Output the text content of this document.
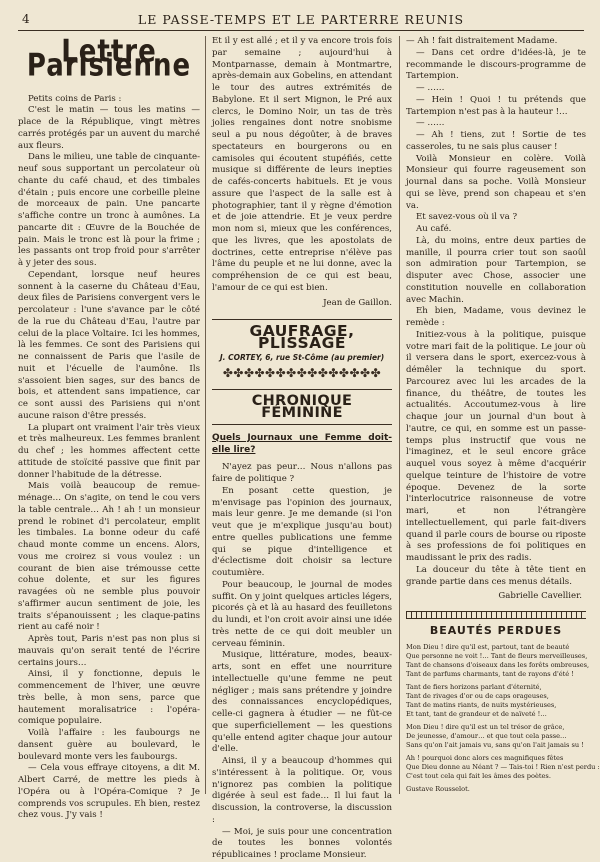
4	LE PASSE-TEMPS ET LE PARTERRE REUNIS
Lettre Parisienne

Petits coins de Paris :

C'est le matin — tous les matins — place de la République, vingt mètres carrés protégés par un auvent du marché aux fleurs.

Dans le milieu, une table de cinquante-neuf sous supportant un percolateur où chante du café chaud, et des timbales d'étain ; puis encore une corbeille pleine de morceaux de pain. Une pancarte s'affiche contre un tronc à aumônes. La pancarte dit : Œuvre de la Bouchée de pain. Mais le tronc est là pour la frime ; les passants ont trop froid pour s'arrêter à y jeter des sous.

Cependant, lorsque neuf heures sonnent à la caserne du Château d'Eau, deux files de Parisiens convergent vers le percolateur : l'une s'avance par le côté de la rue du Château d'Eau, l'autre par celui de la place Voltaire. Ici les hommes, là les femmes. Ce sont des Parisiens qui ne connaissent de Paris que l'asile de nuit et l'écuelle de l'aumône. Ils s'assoient bien sages, sur des bancs de bois, et attendent sans impatience, car ce sont aussi des Parisiens qui n'ont aucune raison d'être pressés.

La plupart ont vraiment l'air très vieux et très malheureux. Les femmes branlent du chef ; les hommes affectent cette attitude de stoïcité passive que finit par donner l'habitude de la détresse.

Mais voilà beaucoup de remue-ménage… On s'agite, on tend le cou vers la table centrale… Ah ! ah ! un monsieur prend le robinet d'i percolateur, emplit les timbales. La bonne odeur du café chaud monte comme un encens. Alors, vous me croirez si vous voulez : un courant de bien aise trémousse cette cohue dolente, et sur les figures ravagées où ne semble plus pouvoir s'affirmer aucun sentiment de joie, les traits s'épanouissent ; les claque-patins rient au café noir !

Après tout, Paris n'est pas non plus si mauvais qu'on serait tenté de l'écrire certains jours…

Ainsi, il y fonctionne, depuis le commencement de l'hiver, une œuvre très belle, à mon sens, parce que hautement moralisatrice : l'opéra-comique populaire.

Voilà l'affaire : les faubourgs ne dansent guère au boulevard, le boulevard monte vers les faubourgs.

— Cela vous effraye citoyens, a dit M. Albert Carré, de mettre les pieds à l'Opéra ou à l'Opéra-Comique ? Je comprends vos scrupules. Eh bien, restez chez vous. J'y vais !

Et il y est allé ; et il y va encore trois fois par semaine ; aujourd'hui à Montparnasse, demain à Montmartre, après-demain aux Gobelins, en attendant le tour des autres extrémités de Babylone. Et il sert Mignon, le Pré aux clercs, le Domino Noir, un tas de très jolies rengaines dont notre snobisme seul a pu nous dégoûter, à de braves spectateurs en bourgerons ou en camisoles qui écoutent stupéfiés, cette musique si différente de leurs inepties de cafés-concerts habituels. Et je vous assure que l'aspect de la salle est à photographier, tant il y règne d'émotion et de joie attendrie. Et je veux perdre mon nom si, mieux que les conférences, que les livres, que les apostolats de doctrines, cette entreprise n'élève pas l'âme du peuple et ne lui donne, avec la compréhension de ce qui est beau, l'amour de ce qui est bien.

Jean de Gaillon.
GAUFRAGE, PLISSAGE
J. CORTEY, 6, rue St-Côme (au premier)
✤✤✤✤✤✤✤✤✤✤✤✤✤✤✤
CHRONIQUE FÉMININE
Quels Journaux une Femme doit-elle lire?

N'ayez pas peur… Nous n'allons pas faire de politique ?

En posant cette question, je m'envisage pas l'opinion des journaux, mais leur genre. Je me demande (si l'on veut que je m'explique jusqu'au bout) entre quelles publications une femme qui se pique d'intelligence et d'éclectisme doit choisir sa lecture coutumière.

Pour beaucoup, le journal de modes suffit. On y joint quelques articles légers, picorés çà et là au hasard des feuilletons du lundi, et l'on croit avoir ainsi une idée très nette de ce qui doit meubler un cerveau féminin.

Musique, littérature, modes, beaux-arts, sont en effet une nourriture intellectuelle qu'une femme ne peut négliger ; mais sans prétendre y joindre des connaissances encyclopédiques, celle-ci gagnera à étudier — ne fût-ce que superficiellement — les questions qu'elle entend agiter chaque jour autour d'elle.

Ainsi, il y a beaucoup d'hommes qui s'intéressent à la politique. Or, vous n'ignorez pas combien la politique digérée à seul est fade… Il lui faut la discussion, la controverse, la discussion :

— Moi, je suis pour une concentration de toutes les bonnes volontés républicaines ! proclame Monsieur.

— Ah ! fait distraitement Madame.

— Dans cet ordre d'idées-là, je te recommande le discours-programme de Tartempion.

— ……

— Hein ! Quoi ! tu prétends que Tartempion n'est pas à la hauteur !…

— ……

— Ah ! tiens, zut ! Sortie de tes casseroles, tu ne sais plus causer !

Voilà Monsieur en colère. Voilà Monsieur qui fourre rageusement son journal dans sa poche. Voilà Monsieur qui se lève, prend son chapeau et s'en va.

Et savez-vous où il va ?

Au café.

Là, du moins, entre deux parties de manille, il pourra crier tout son saoûl son admiration pour Tartempion, se disputer avec Chose, associer une constitution nouvelle en collaboration avec Machin.

Eh bien, Madame, vous devinez le remède :

Initiez-vous à la politique, puisque votre mari fait de la politique. Le jour où il versera dans le sport, exercez-vous à démêler la technique du sport. Parcourez avec lui les arcades de la finance, du théâtre, de toutes les actualités. Accoutumez-vous à lire chaque jour un journal d'un bout à l'autre, ce qui, en somme est un passe-temps plus instructif que vous ne l'imaginez, et le seul encore grâce auquel vous soyez à même d'acquérir quelque teinture de l'histoire de votre époque. Devenez de la sorte l'interlocutrice raisonneuse de votre mari, et non l'étrangère intellectuellement, qui parle fait-divers quand il parle cours de bourse ou riposte à ses professions de foi politiques en maudissant le prix des radis.

La douceur du tête à tête tient en grande partie dans ces menus détails.

Gabrielle Cavellier.
BEAUTÉS PERDUES
Mon Dieu ! dire qu'il est, partout, tant de beauté
Que personne ne voit !… Tant de fleurs merveilleuses,
Tant de chansons d'oiseaux dans les forêts ombreuses,
Tant de parfums charmants, tant de rayons d'été !
Tant de fiers horizons parlant d'éternité,
Tant de rivages d'or ou de caps orageuses,
Tant de matins riants, de nuits mystérieuses,
Et tant, tant de grandeur et de naïveté !…
Mon Dieu ! dire qu'il est un tel trésor de grâce,
De jeunesse, d'amour… et que tout cela passe…
Sans qu'on l'ait jamais vu, sans qu'on l'ait jamais su !
Ah ! pourquoi donc alors ces magnifiques fêtes
Que Dieu donne au Néant ? — Tais-toi ! Rien n'est perdu :
C'est tout cela qui fait les âmes des poètes.
Gustave Rousselot.
